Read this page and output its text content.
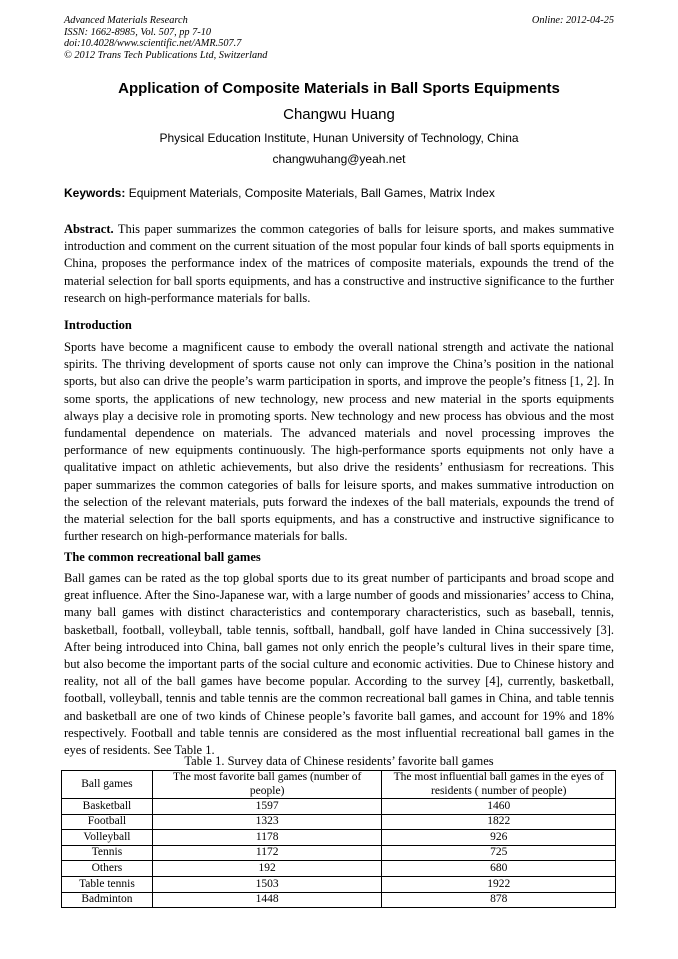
Advanced Materials Research
ISSN: 1662-8985, Vol. 507, pp 7-10
doi:10.4028/www.scientific.net/AMR.507.7
© 2012 Trans Tech Publications Ltd, Switzerland
Online: 2012-04-25
Application of Composite Materials in Ball Sports Equipments
Changwu Huang
Physical Education Institute, Hunan University of Technology, China
changwuhang@yeah.net
Keywords: Equipment Materials, Composite Materials, Ball Games, Matrix Index
Abstract. This paper summarizes the common categories of balls for leisure sports, and makes summative introduction and comment on the current situation of the most popular four kinds of ball sports equipments in China, proposes the performance index of the matrices of composite materials, expounds the trend of the material selection for ball sports equipments, and has a constructive and instructive significance to the further research on high-performance materials for balls.
Introduction
Sports have become a magnificent cause to embody the overall national strength and activate the national spirits. The thriving development of sports cause not only can improve the China’s position in the national sports, but also can drive the people’s warm participation in sports, and improve the people’s fitness [1, 2]. In some sports, the applications of new technology, new process and new material in the sports equipments always play a decisive role in promoting sports. New technology and new process has obvious and the most fundamental dependence on materials. The advanced materials and novel processing improves the performance of new equipments continuously. The high-performance sports equipments not only have a qualitative impact on athletic achievements, but also drive the residents’ enthusiasm for recreations. This paper summarizes the common categories of balls for leisure sports, and makes summative introduction on the selection of the relevant materials, puts forward the indexes of the ball materials, expounds the trend of the material selection for the ball sports equipments, and has a constructive and instructive significance to further research on high-performance materials for balls.
The common recreational ball games
Ball games can be rated as the top global sports due to its great number of participants and broad scope and great influence. After the Sino-Japanese war, with a large number of goods and missionaries’ access to China, many ball games with distinct characteristics and contemporary characteristics, such as baseball, tennis, basketball, football, volleyball, table tennis, softball, handball, golf have landed in China successively [3]. After being introduced into China, ball games not only enrich the people’s cultural lives in their spare time, but also become the important parts of the social culture and economic activities. Due to Chinese history and reality, not all of the ball games have become popular. According to the survey [4], currently, basketball, football, volleyball, tennis and table tennis are the common recreational ball games in China, and table tennis and basketball are one of two kinds of Chinese people’s favorite ball games, and account for 19% and 18% respectively. Football and table tennis are considered as the most influential recreational ball games in the eyes of residents. See Table 1.
Table 1. Survey data of Chinese residents’ favorite ball games
Ball games	The most favorite ball games (number of people)	The most influential ball games in the eyes of residents ( number of people)
Basketball	1597	1460
Football	1323	1822
Volleyball	1178	926
Tennis	1172	725
Others	192	680
Table tennis	1503	1922
Badminton	1448	878
